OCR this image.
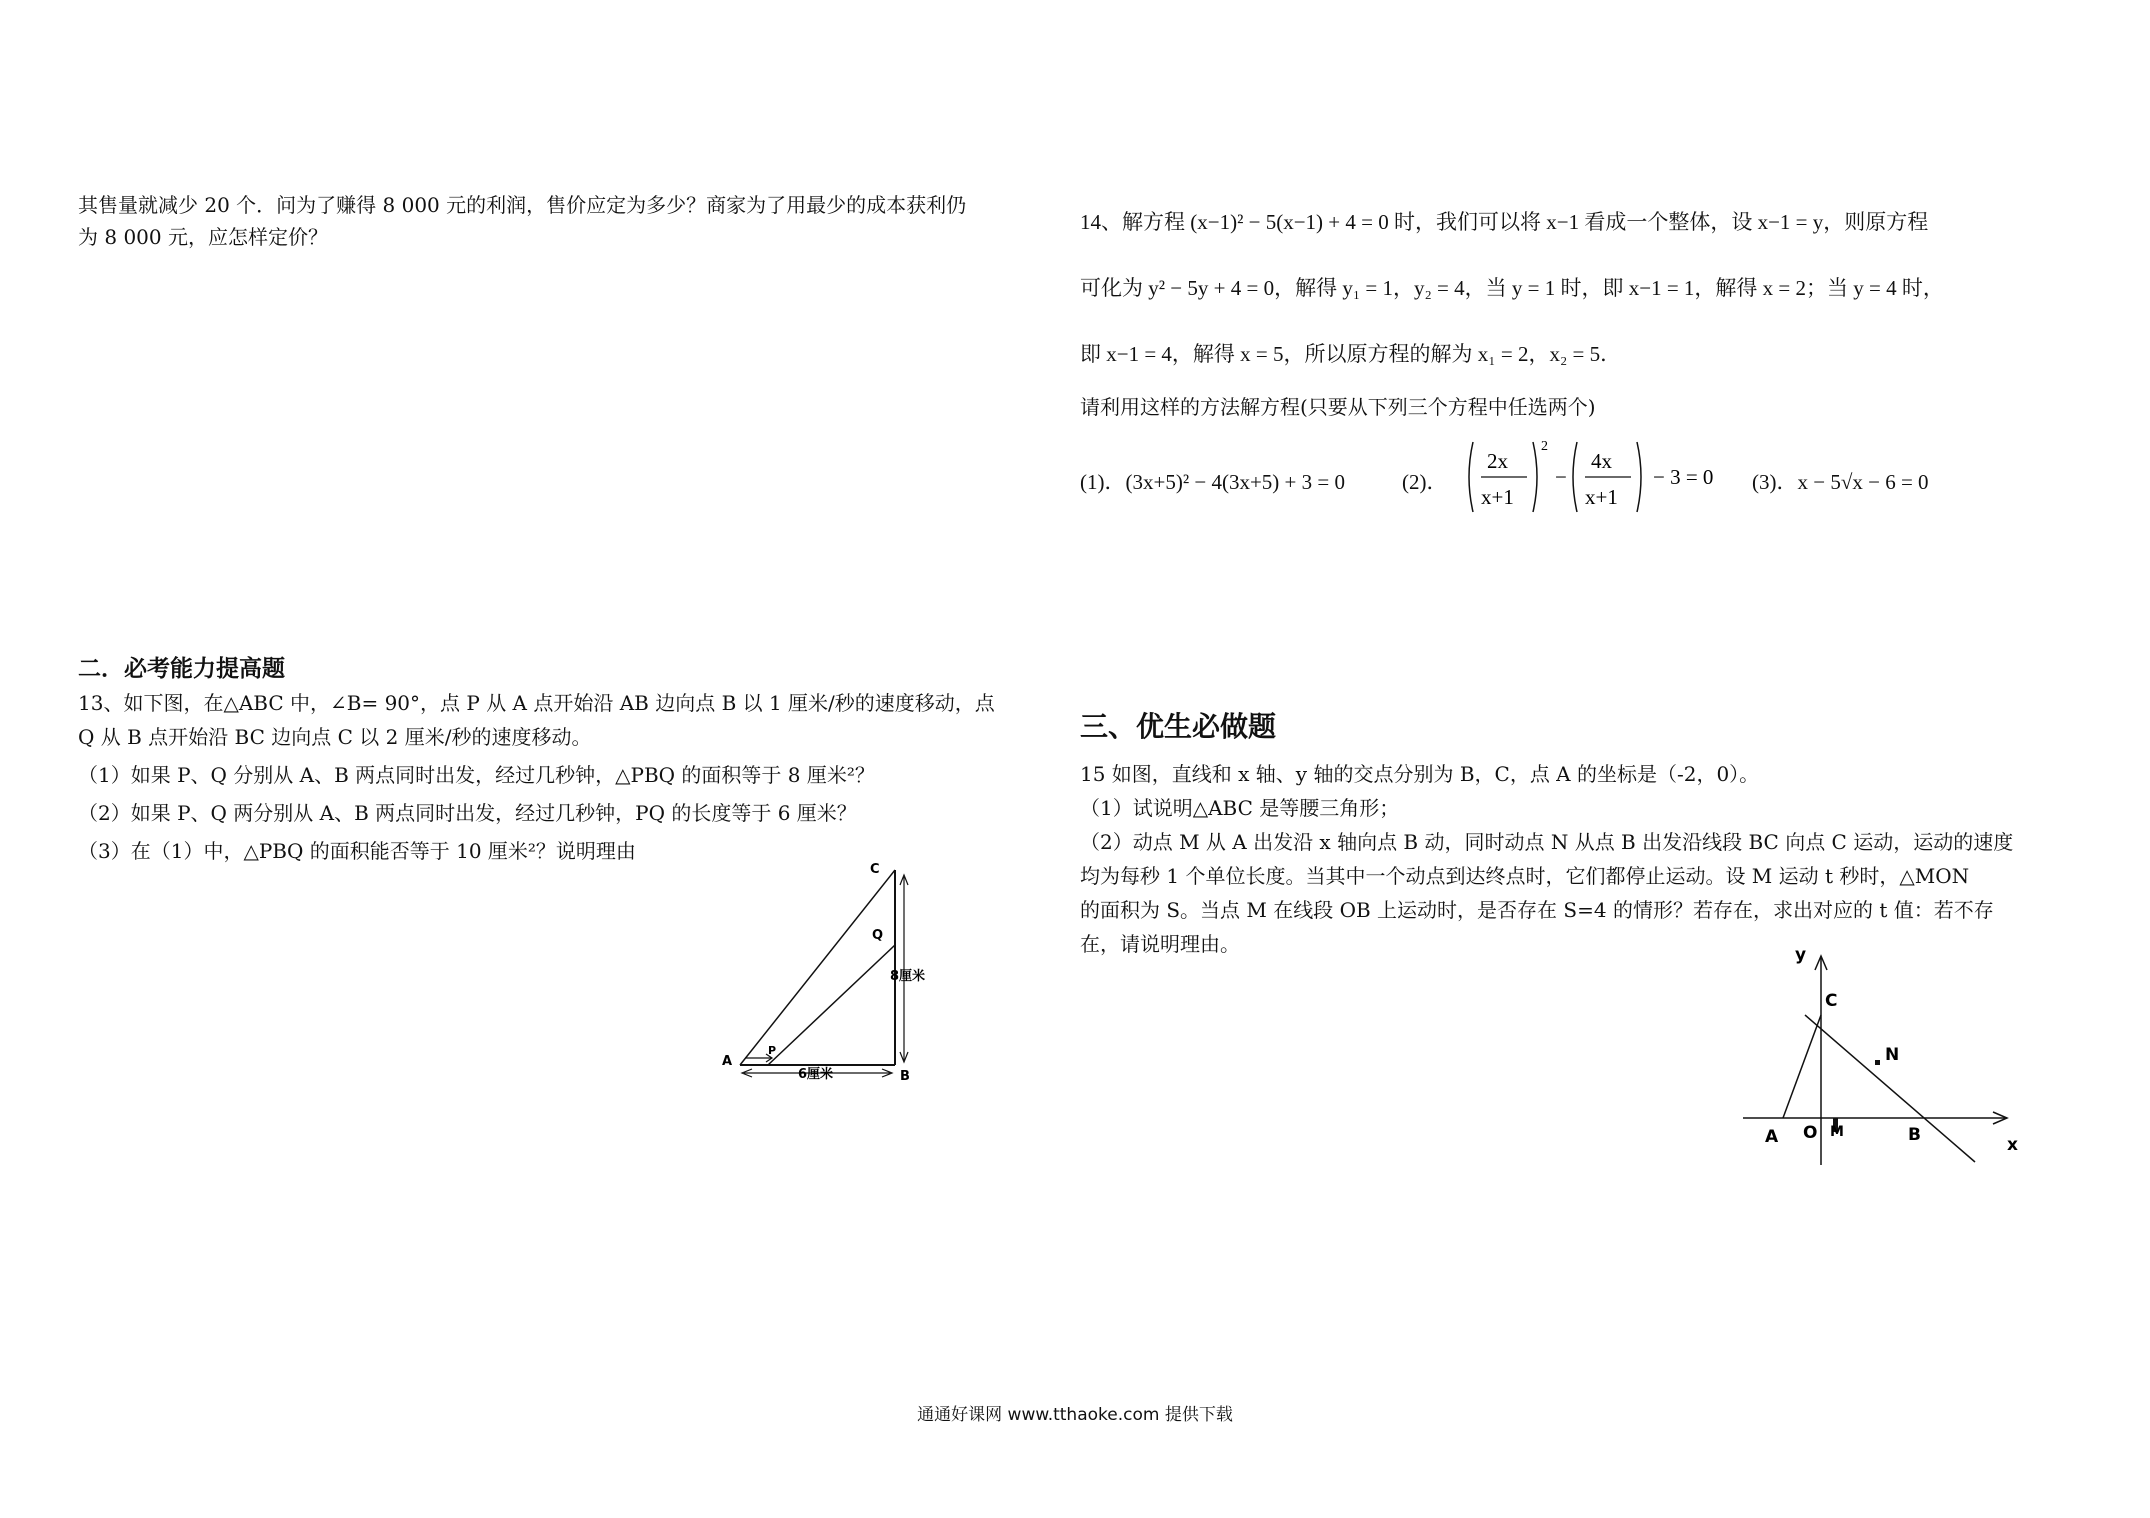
其售量就减少 20 个．问为了赚得 8 000 元的利润，售价应定为多少？商家为了用最少的成本获利仍
为 8 000 元，应怎样定价？
二．必考能力提高题
13、如下图，在△ABC 中，∠B= 90°，点 P 从 A 点开始沿 AB 边向点 B 以 1 厘米/秒的速度移动，点
Q 从 B 点开始沿 BC 边向点 C 以 2 厘米/秒的速度移动。
（1）如果 P、Q 分别从 A、B 两点同时出发，经过几秒钟，△PBQ 的面积等于 8 厘米²？
（2）如果 P、Q 两分别从 A、B 两点同时出发，经过几秒钟，PQ 的长度等于 6 厘米？
（3）在（1）中，△PBQ 的面积能否等于 10 厘米²？说明理由
A
B
C
P
Q
8厘米
6厘米
14、解方程 (x−1)² − 5(x−1) + 4 = 0 时，我们可以将 x−1 看成一个整体，设 x−1 = y，则原方程
可化为 y² − 5y + 4 = 0，解得 y₁ = 1，y₂ = 4，当 y = 1 时，即 x−1 = 1，解得 x = 2；当 y = 4 时，
即 x−1 = 4，解得 x = 5，所以原方程的解为 x₁ = 2，x₂ = 5．
请利用这样的方法解方程(只要从下列三个方程中任选两个)
(1)．(3x+5)² − 4(3x+5) + 3 = 0	(2)．
2x
x+1
2
−
4x
x+1
− 3 = 0 (3)．x − 5√x − 6 = 0
三、优生必做题
15 如图，直线和 x 轴、y 轴的交点分别为 B，C，点 A 的坐标是（-2，0）。
（1）试说明△ABC 是等腰三角形；
（2）动点 M 从 A 出发沿 x 轴向点 B 动，同时动点 N 从点 B 出发沿线段 BC 向点 C 运动，运动的速度
均为每秒 1 个单位长度。当其中一个动点到达终点时，它们都停止运动。设 M 运动 t 秒时，△MON
的面积为 S。当点 M 在线段 OB 上运动时，是否存在 S=4 的情形？若存在，求出对应的 t 值：若不存
在，请说明理由。	y
x
C
N
A O M	B
通通好课网 www.tthaoke.com 提供下载
